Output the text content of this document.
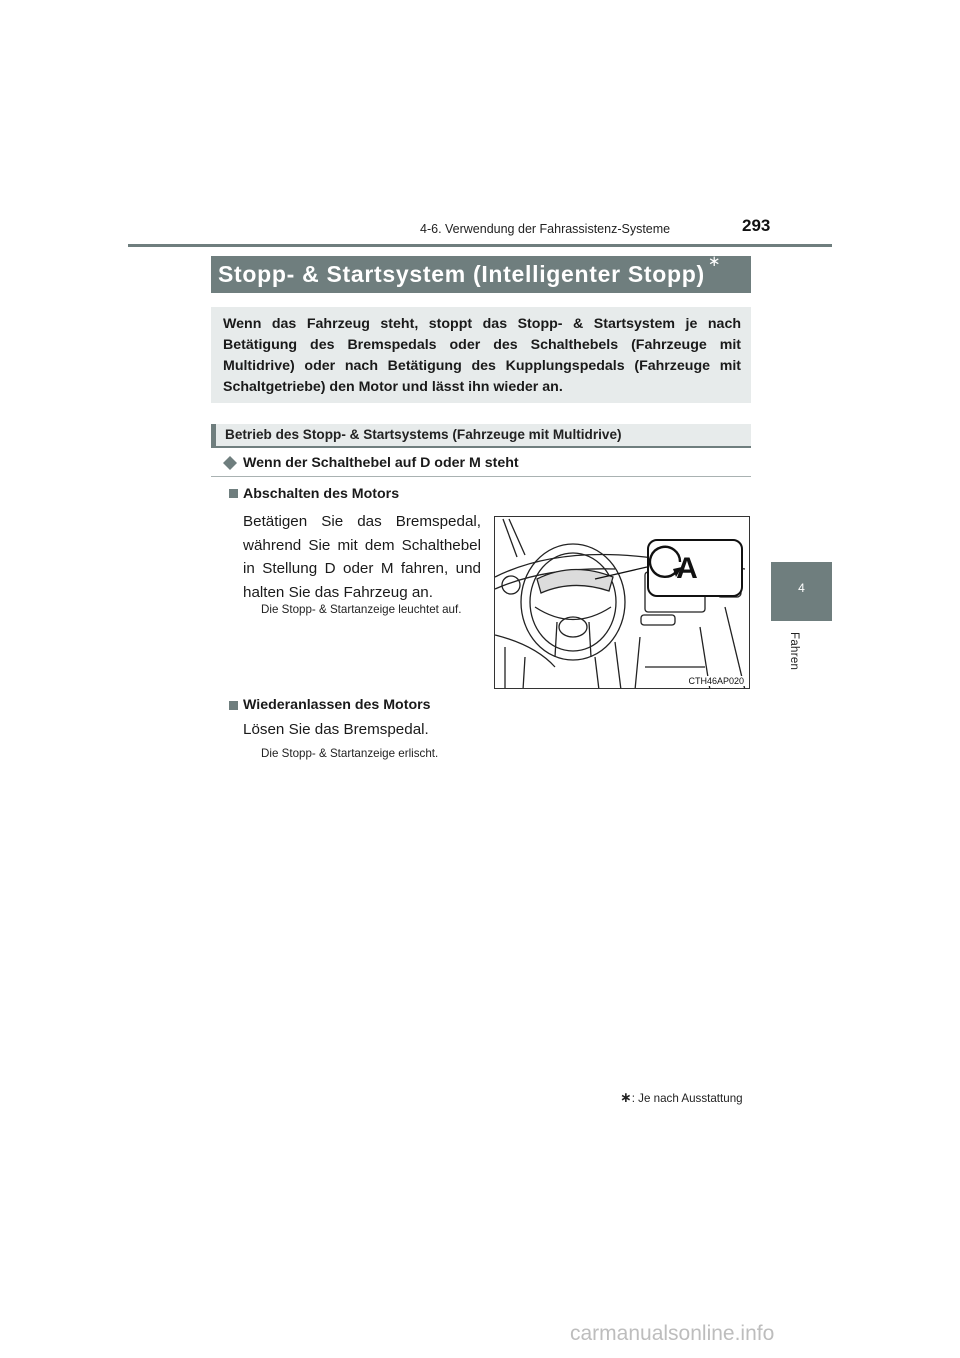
4-6. Verwendung der Fahrassistenz-Systeme	293
4
Fahren
Stopp- & Startsystem (Intelligenter Stopp) ∗
Wenn das Fahrzeug steht, stoppt das Stopp- & Startsystem je nach Betätigung des Bremspedals oder des Schalthebels (Fahrzeuge mit Multidrive) oder nach Betätigung des Kupplungspedals (Fahrzeuge mit Schaltgetriebe) den Motor und lässt ihn wieder an.
Betrieb des Stopp- & Startsystems (Fahrzeuge mit Multidrive)
Wenn der Schalthebel auf D oder M steht
Abschalten des Motors
Betätigen Sie das Bremspedal, während Sie mit dem Schalthebel in Stellung D oder M fahren, und halten Sie das Fahrzeug an.
Die Stopp- & Startanzeige leuchtet auf.
A
CTH46AP020
Wiederanlassen des Motors
Lösen Sie das Bremspedal.
Die Stopp- & Startanzeige erlischt.
∗: Je nach Ausstattung
carmanualsonline.info
